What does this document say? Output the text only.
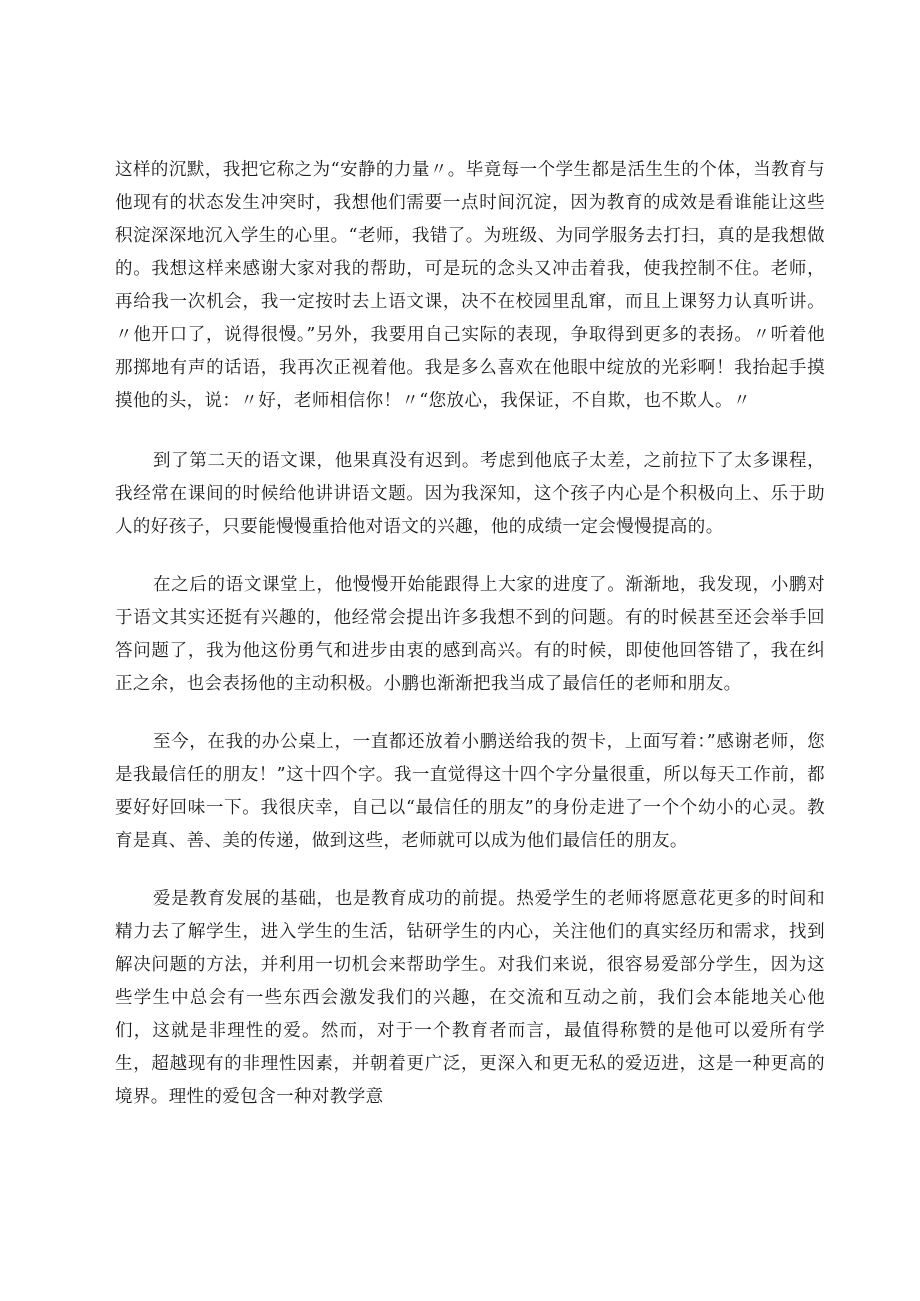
这样的沉默，我把它称之为“安静的力量〃。毕竟每一个学生都是活生生的个体，当教育与他现有的状态发生冲突时，我想他们需要一点时间沉淀，因为教育的成效是看谁能让这些积淀深深地沉入学生的心里。“老师，我错了。为班级、为同学服务去打扫，真的是我想做的。我想这样来感谢大家对我的帮助，可是玩的念头又冲击着我，使我控制不住。老师，再给我一次机会，我一定按时去上语文课，决不在校园里乱窜，而且上课努力认真听讲。〃他开口了，说得很慢。”另外，我要用自己实际的表现，争取得到更多的表扬。〃听着他那掷地有声的话语，我再次正视着他。我是多么喜欢在他眼中绽放的光彩啊！我抬起手摸摸他的头，说：〃好，老师相信你！〃“您放心，我保证，不自欺，也不欺人。〃

到了第二天的语文课，他果真没有迟到。考虑到他底子太差，之前拉下了太多课程，我经常在课间的时候给他讲讲语文题。因为我深知，这个孩子内心是个积极向上、乐于助人的好孩子，只要能慢慢重拾他对语文的兴趣，他的成绩一定会慢慢提高的。

在之后的语文课堂上，他慢慢开始能跟得上大家的进度了。渐渐地，我发现，小鹏对于语文其实还挺有兴趣的，他经常会提出许多我想不到的问题。有的时候甚至还会举手回答问题了，我为他这份勇气和进步由衷的感到高兴。有的时候，即使他回答错了，我在纠正之余，也会表扬他的主动积极。小鹏也渐渐把我当成了最信任的老师和朋友。

至今，在我的办公桌上，一直都还放着小鹏送给我的贺卡，上面写着：”感谢老师，您是我最信任的朋友！”这十四个字。我一直觉得这十四个字分量很重，所以每天工作前，都要好好回味一下。我很庆幸，自己以“最信任的朋友”的身份走进了一个个幼小的心灵。教育是真、善、美的传递，做到这些，老师就可以成为他们最信任的朋友。

爱是教育发展的基础，也是教育成功的前提。热爱学生的老师将愿意花更多的时间和精力去了解学生，进入学生的生活，钻研学生的内心，关注他们的真实经历和需求，找到解决问题的方法，并利用一切机会来帮助学生。对我们来说，很容易爱部分学生，因为这些学生中总会有一些东西会激发我们的兴趣，在交流和互动之前，我们会本能地关心他们，这就是非理性的爱。然而，对于一个教育者而言，最值得称赞的是他可以爱所有学生，超越现有的非理性因素，并朝着更广泛，更深入和更无私的爱迈进，这是一种更高的境界。理性的爱包含一种对教学意
